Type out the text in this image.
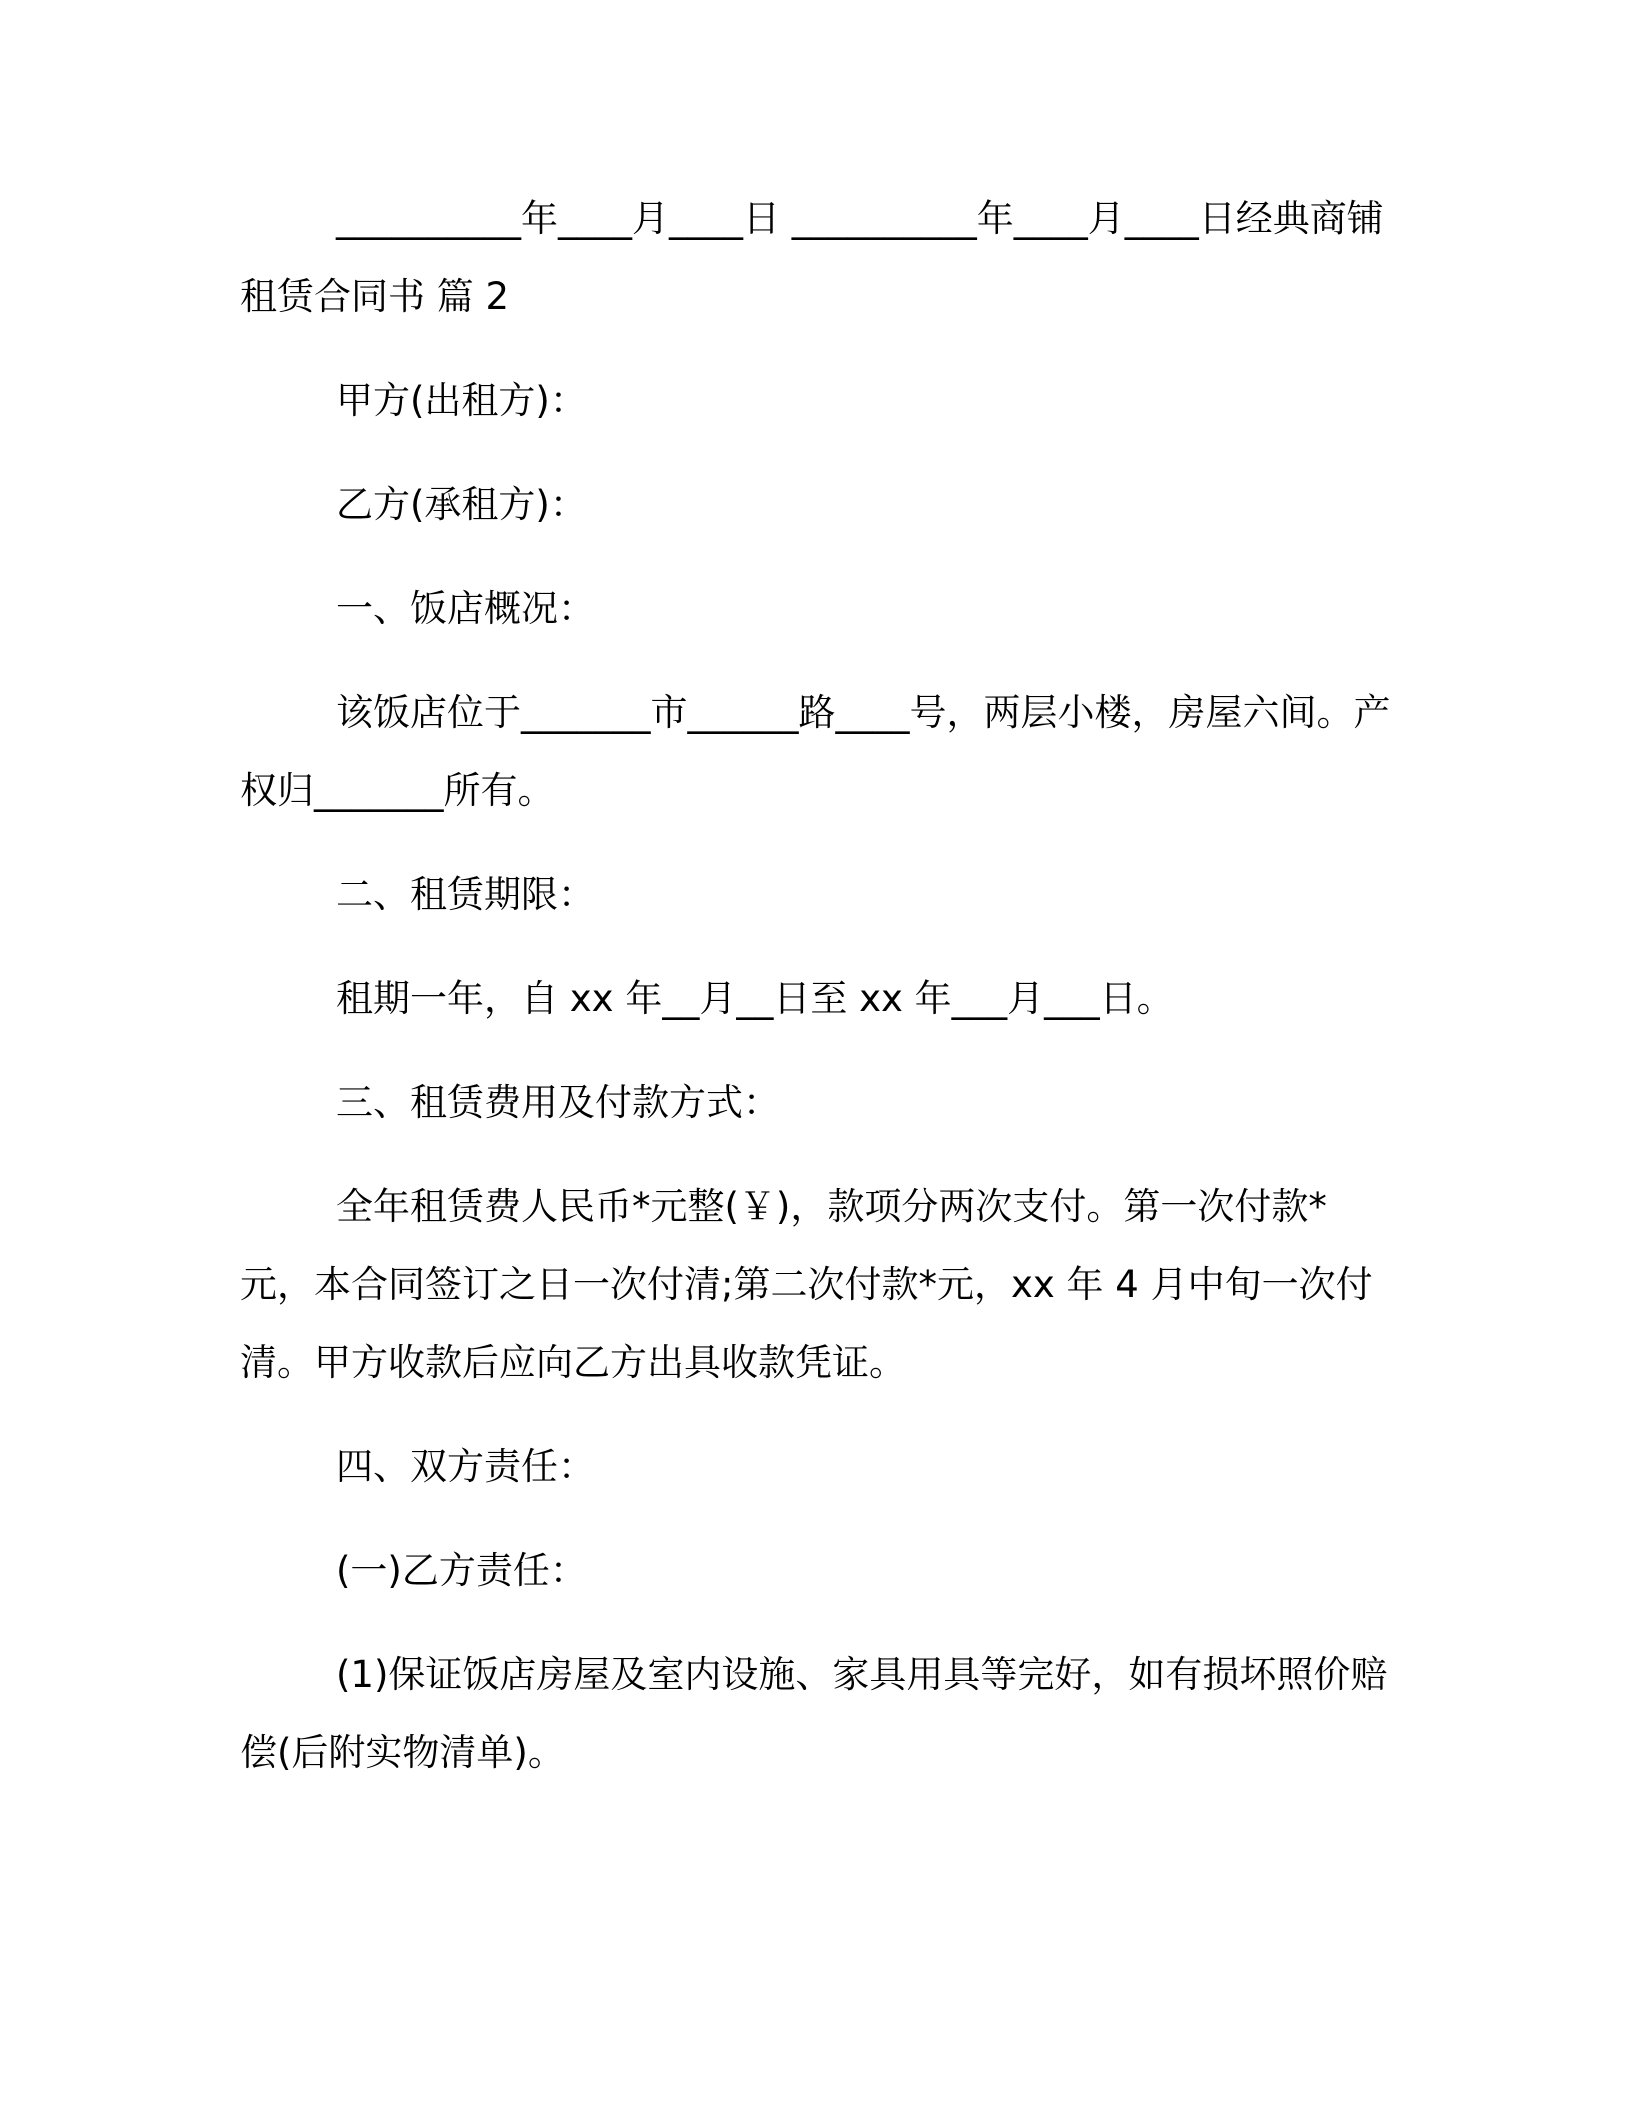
__________年____月____日 __________年____月____日经典商铺租赁合同书 篇 2

甲方(出租方)：

乙方(承租方)：

一、饭店概况：

该饭店位于_______市______路____号，两层小楼，房屋六间。产权归_______所有。

二、租赁期限：

租期一年，自 xx 年__月__日至 xx 年___月___日。

三、租赁费用及付款方式：

全年租赁费人民币*元整(￥)，款项分两次支付。第一次付款*元，本合同签订之日一次付清;第二次付款*元，xx 年 4 月中旬一次付清。甲方收款后应向乙方出具收款凭证。

四、双方责任：

(一)乙方责任：

(1)保证饭店房屋及室内设施、家具用具等完好，如有损坏照价赔偿(后附实物清单)。
